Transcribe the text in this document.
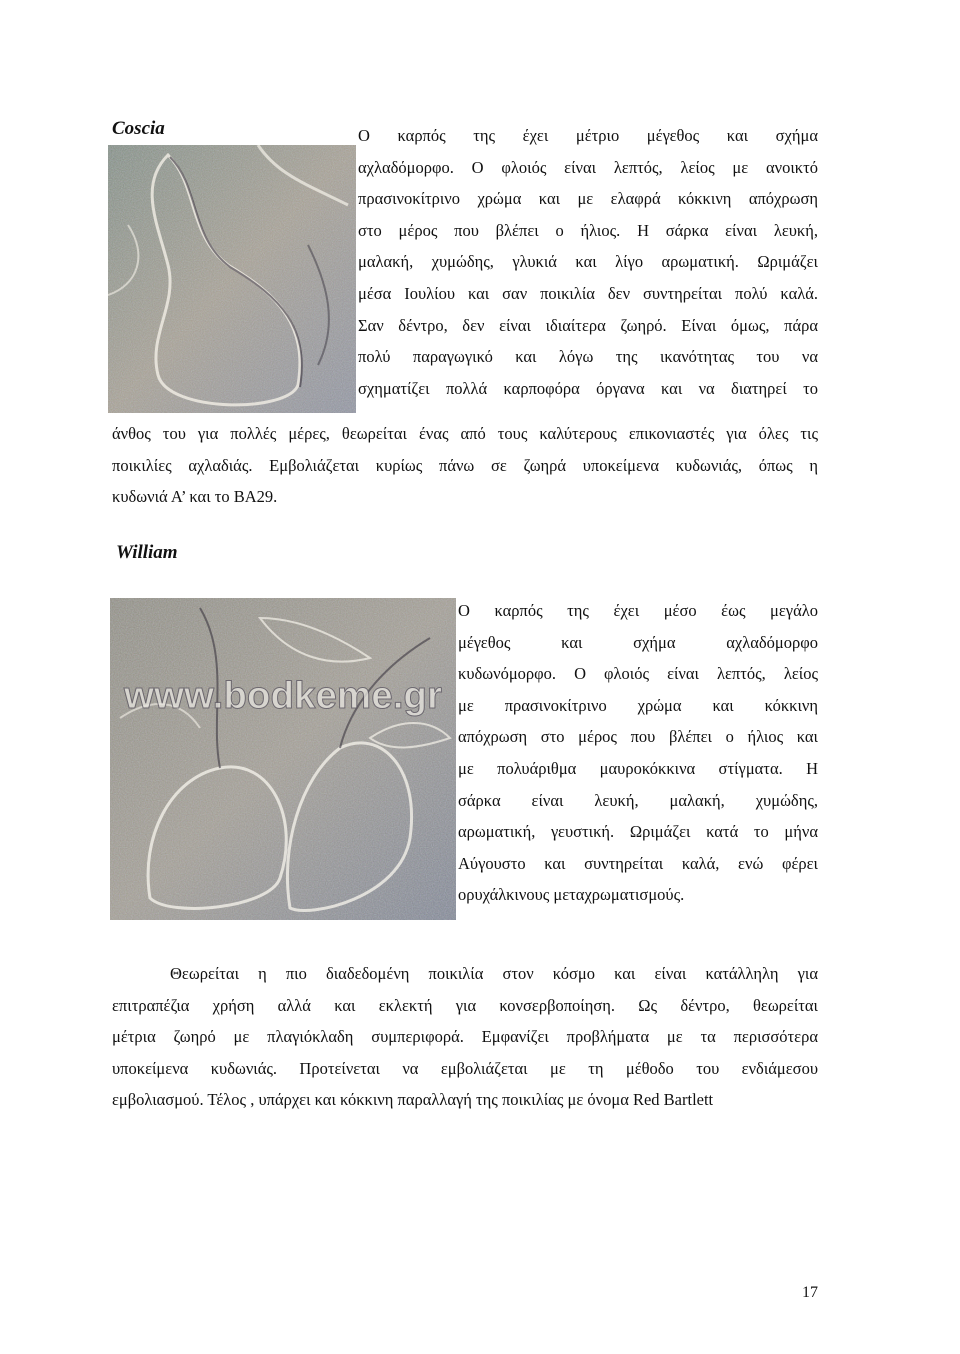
Coscia	Ο καρπός της έχει μέτριο μέγεθος και σχήμα
αχλαδόμορφο. Ο φλοιός είναι λεπτός, λείος με ανοικτό
πρασινοκίτρινο χρώμα και με ελαφρά κόκκινη απόχρωση
στο μέρος που βλέπει ο ήλιος. Η σάρκα είναι λευκή,
μαλακή, χυμώδης, γλυκιά και λίγο αρωματική. Ωριμάζει
μέσα Ιουλίου και σαν ποικιλία δεν συντηρείται πολύ καλά.
Σαν δέντρο, δεν είναι ιδιαίτερα ζωηρό. Είναι όμως, πάρα
πολύ παραγωγικό και λόγω της ικανότητας του να
σχηματίζει πολλά καρποφόρα όργανα και να διατηρεί το
άνθος του για πολλές μέρες, θεωρείται ένας από τους καλύτερους επικονιαστές για όλες τις
ποικιλίες αχλαδιάς. Εμβολιάζεται κυρίως πάνω σε ζωηρά υποκείμενα κυδωνιάς, όπως η
κυδωνιά Α’ και το ΒΑ29.
William
www.bodkeme.gr
Ο καρπός της έχει μέσο έως μεγάλο
μέγεθος και σχήμα αχλαδόμορφο
κυδωνόμορφο. Ο φλοιός είναι λεπτός, λείος
με πρασινοκίτρινο χρώμα και κόκκινη
απόχρωση στο μέρος που βλέπει ο ήλιος και
με πολυάριθμα μαυροκόκκινα στίγματα. Η
σάρκα είναι λευκή, μαλακή, χυμώδης,
αρωματική, γευστική. Ωριμάζει κατά το μήνα
Αύγουστο και συντηρείται καλά, ενώ φέρει
ορυχάλκινους μεταχρωματισμούς.
Θεωρείται η πιο διαδεδομένη ποικιλία στον κόσμο και είναι κατάλληλη για
επιτραπέζια χρήση αλλά και εκλεκτή για κονσερβοποίηση. Ως δέντρο, θεωρείται
μέτρια ζωηρό με πλαγιόκλαδη συμπεριφορά. Εμφανίζει προβλήματα με τα περισσότερα
υποκείμενα κυδωνιάς. Προτείνεται να εμβολιάζεται με τη μέθοδο του ενδιάμεσου
εμβολιασμού. Τέλος , υπάρχει και κόκκινη παραλλαγή της ποικιλίας με όνομα Red Bartlett
17
